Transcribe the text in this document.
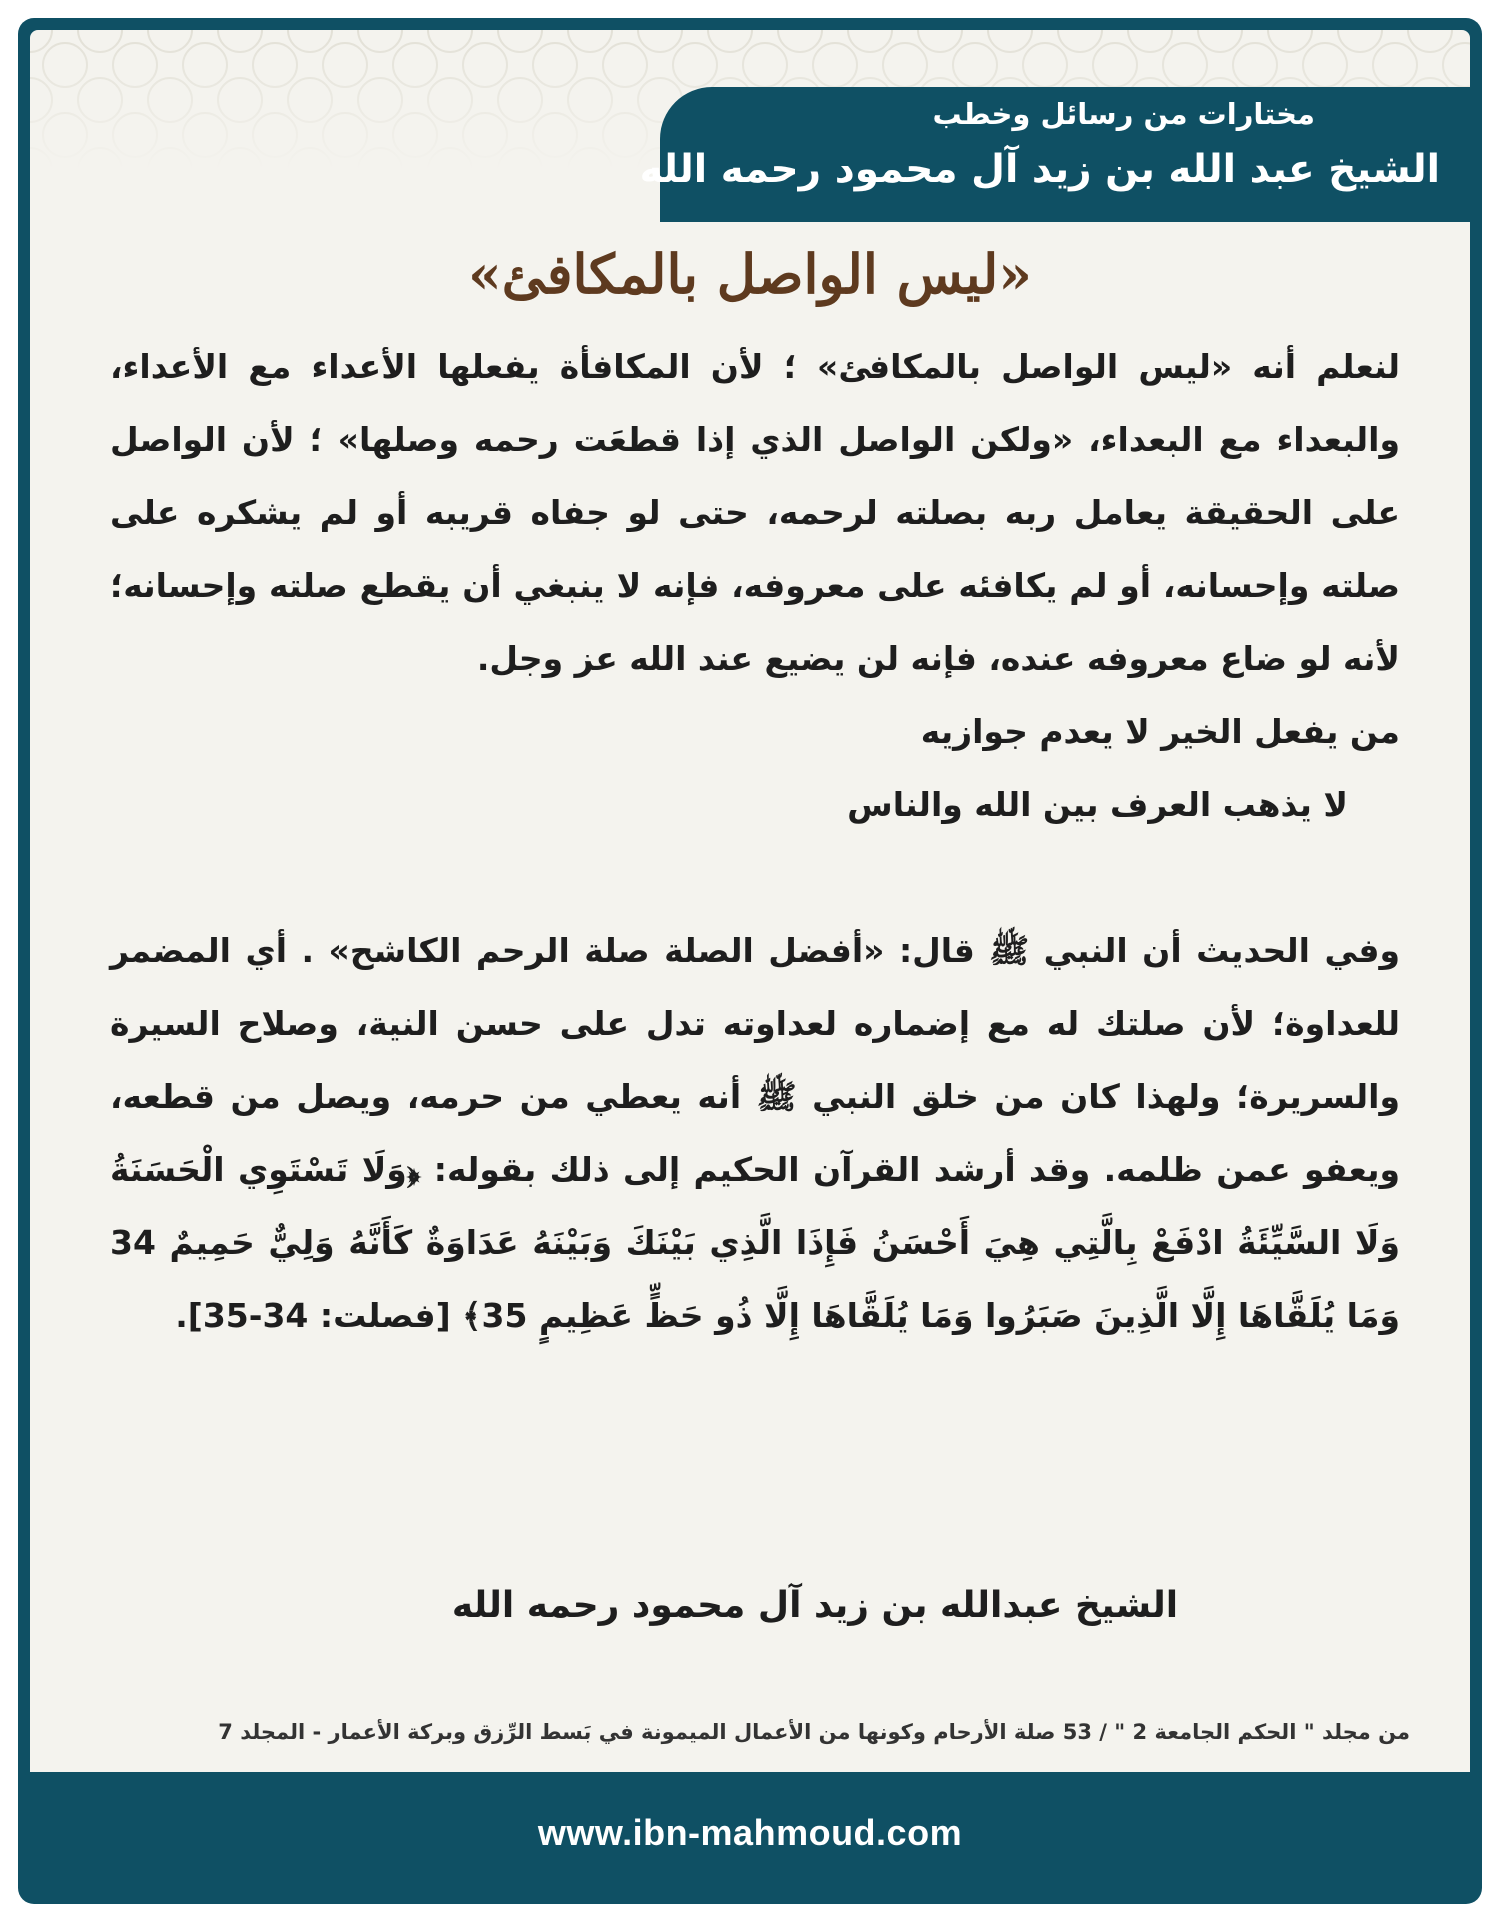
مختارات من رسائل وخطب
الشيخ عبد الله بن زيد آل محمود رحمه الله
«ليس الواصل بالمكافئ»

لنعلم أنه «ليس الواصل بالمكافئ» ؛ لأن المكافأة يفعلها الأعداء مع الأعداء، والبعداء مع البعداء، «ولكن الواصل الذي إذا قطعَت رحمه وصلها» ؛ لأن الواصل على الحقيقة يعامل ربه بصلته لرحمه، حتى لو جفاه قريبه أو لم يشكره على صلته وإحسانه، أو لم يكافئه على معروفه، فإنه لا ينبغي أن يقطع صلته وإحسانه؛ لأنه لو ضاع معروفه عنده، فإنه لن يضيع عند الله عز وجل.

من يفعل الخير لا يعدم جوازيه

لا يذهب العرف بين الله والناس

وفي الحديث أن النبي ﷺ قال: «أفضل الصلة صلة الرحم الكاشح» . أي المضمر للعداوة؛ لأن صلتك له مع إضماره لعداوته تدل على حسن النية، وصلاح السيرة والسريرة؛ ولهذا كان من خلق النبي ﷺ أنه يعطي من حرمه، ويصل من قطعه، ويعفو عمن ظلمه. وقد أرشد القرآن الحكيم إلى ذلك بقوله: ﴿وَلَا تَسْتَوِي الْحَسَنَةُ وَلَا السَّيِّئَةُ ادْفَعْ بِالَّتِي هِيَ أَحْسَنُ فَإِذَا الَّذِي بَيْنَكَ وَبَيْنَهُ عَدَاوَةٌ كَأَنَّهُ وَلِيٌّ حَمِيمٌ 34 وَمَا يُلَقَّاهَا إِلَّا الَّذِينَ صَبَرُوا وَمَا يُلَقَّاهَا إِلَّا ذُو حَظٍّ عَظِيمٍ 35﴾ [فصلت: 34-35].

الشيخ عبدالله بن زيد آل محمود رحمه الله
من مجلد " الحكم الجامعة 2 " / 53 صلة الأرحام وكونها من الأعمال الميمونة في بَسط الرِّزق وبركة الأعمار - المجلد 7
www.ibn-mahmoud.com
